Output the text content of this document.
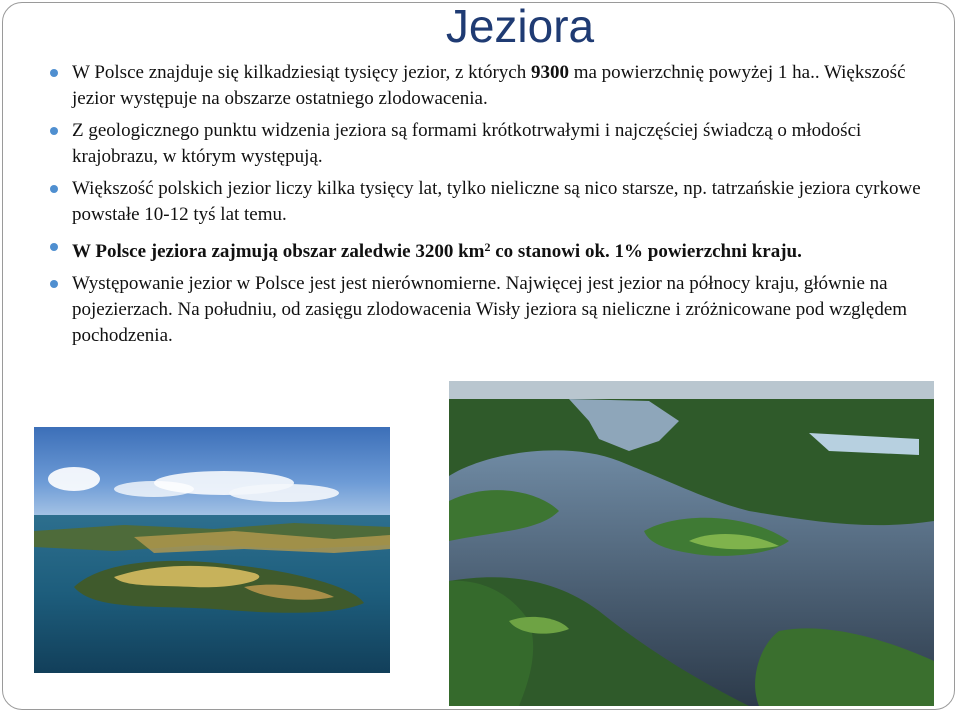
Jeziora
W Polsce znajduje się kilkadziesiąt tysięcy jezior, z których 9300 ma powierzchnię powyżej 1 ha.. Większość jezior występuje na obszarze ostatniego zlodowacenia.
Z geologicznego punktu widzenia jeziora są formami krótkotrwałymi i najczęściej świadczą o młodości krajobrazu, w którym występują.
Większość polskich jezior liczy kilka tysięcy lat, tylko nieliczne są nico starsze, np. tatrzańskie jeziora cyrkowe powstałe 10-12 tyś lat temu.
W Polsce jeziora zajmują obszar zaledwie 3200 $km^2$ co stanowi ok. 1% powierzchni kraju.
Występowanie jezior w Polsce jest jest nierównomierne. Najwięcej jest jezior na północy kraju, głównie na pojezierzach. Na południu, od zasięgu zlodowacenia Wisły jeziora są nieliczne i zróżnicowane pod względem pochodzenia.
